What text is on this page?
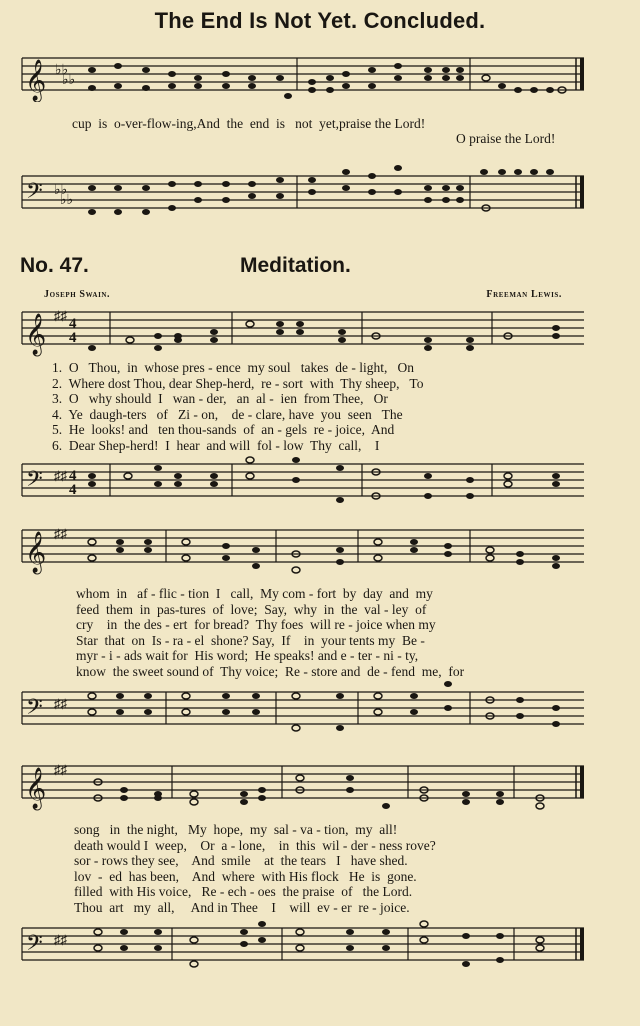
The End Is Not Yet. Concluded.
𝄞 ♭♭
♭♭
cup  is  o-ver-flow-ing,And  the  end  is   not  yet,praise the Lord!
O praise the Lord!
𝄢 ♭♭
♭♭
No. 47.	Meditation.
Joseph Swain.	Freeman Lewis.
𝄞 ♯♯
4
4
1.  O   Thou,  in  whose pres - ence  my soul   takes  de - light,   On
2.  Where dost Thou, dear Shep-herd,  re - sort  with  Thy sheep,   To
3.  O   why should  I   wan - der,   an  al -  ien  from Thee,   Or
4.  Ye  daugh-ters   of   Zi - on,    de - clare, have  you  seen   The
5.  He  looks! and   ten thou-sands  of  an - gels  re - joice,  And
6.  Dear Shep-herd!  I  hear  and will  fol - low  Thy  call,    I
𝄢 ♯♯ 4
4
𝄞 ♯♯
whom  in   af - flic - tion  I   call,  My com - fort  by  day  and  my
feed  them  in  pas-tures  of  love;  Say,  why  in  the  val - ley  of
cry    in  the des - ert  for bread?  Thy foes  will re - joice when my
Star  that  on  Is - ra - el  shone? Say,  If    in  your tents my  Be -
myr - i - ads wait for  His word;  He speaks! and e - ter - ni - ty,
know  the sweet sound of  Thy voice;  Re - store and  de - fend  me,  for
𝄢 ♯♯
𝄞 ♯♯
song   in  the night,   My  hope,  my  sal - va - tion,  my  all!
death would I  weep,    Or  a - lone,    in  this  wil - der - ness rove?
sor - rows they see,    And  smile    at  the tears   I   have shed.
lov  -  ed  has been,    And  where  with His flock   He  is  gone.
filled  with His voice,   Re - ech - oes  the praise  of   the Lord.
Thou  art   my  all,     And in Thee    I    will  ev - er  re - joice.
𝄢 ♯♯
